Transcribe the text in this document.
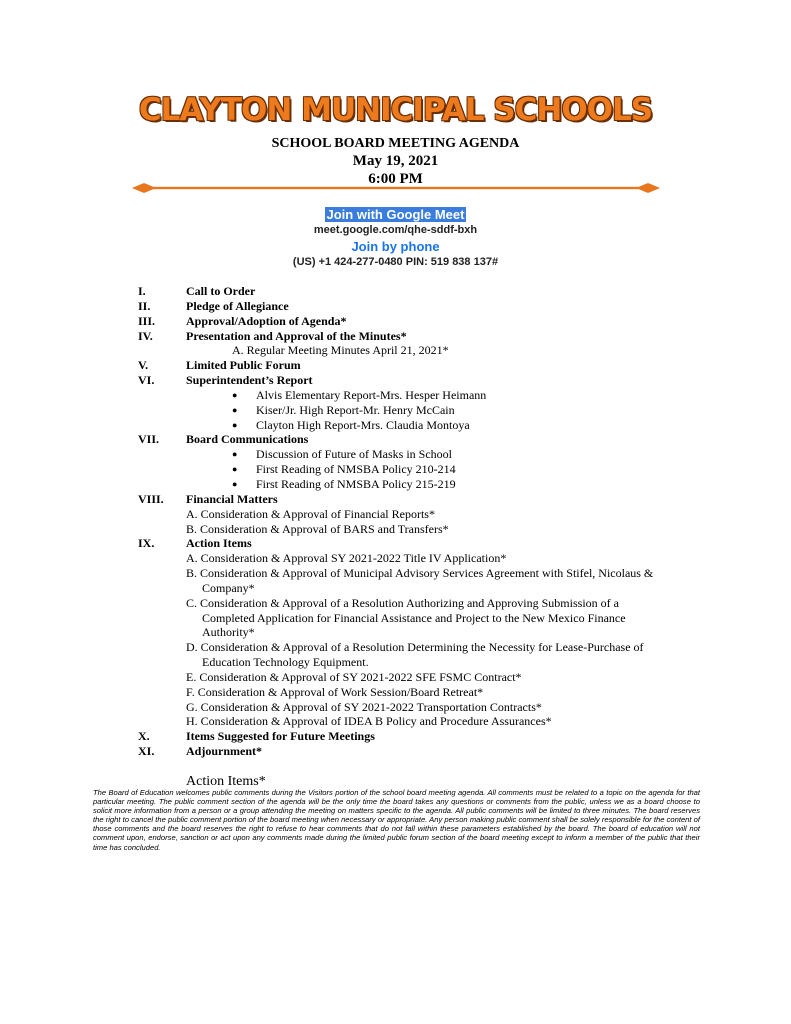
CLAYTON MUNICIPAL SCHOOLS
SCHOOL BOARD MEETING AGENDA
May 19, 2021
6:00 PM
Join with Google Meet
meet.google.com/qhe-sddf-bxh
Join by phone
(US) +1 424-277-0480 PIN: 519 838 137#
I.	Call to Order
II.	Pledge of Allegiance
III.	Approval/Adoption of Agenda*
IV.	Presentation and Approval of the Minutes*
A. Regular Meeting Minutes April 21, 2021*
V.	Limited Public Forum
VI.	Superintendent’s Report
● Alvis Elementary Report-Mrs. Hesper Heimann
● Kiser/Jr. High Report-Mr. Henry McCain
● Clayton High Report-Mrs. Claudia Montoya
VII. Board Communications
● Discussion of Future of Masks in School
● First Reading of NMSBA Policy 210-214
● First Reading of NMSBA Policy 215-219
VIII. Financial Matters
A. Consideration & Approval of Financial Reports*
B. Consideration & Approval of BARS and Transfers*
IX.	Action Items
A. Consideration & Approval SY 2021-2022 Title IV Application*
B. Consideration & Approval of Municipal Advisory Services Agreement with Stifel, Nicolaus &
Company*
C. Consideration & Approval of a Resolution Authorizing and Approving Submission of a
Completed Application for Financial Assistance and Project to the New Mexico Finance
Authority*
D. Consideration & Approval of a Resolution Determining the Necessity for Lease-Purchase of
Education Technology Equipment.
E. Consideration & Approval of SY 2021-2022 SFE FSMC Contract*
F. Consideration & Approval of Work Session/Board Retreat*
G. Consideration & Approval of SY 2021-2022 Transportation Contracts*
H. Consideration & Approval of IDEA B Policy and Procedure Assurances*
X.	Items Suggested for Future Meetings
XI.	Adjournment*
Action Items*
The Board of Education welcomes public comments during the Visitors portion of the school board meeting agenda. All comments must be related to a topic on the agenda for that particular meeting. The public comment section of the agenda will be the only time the board takes any questions or comments from the public, unless we as a board choose to solicit more information from a person or a group attending the meeting on matters specific to the agenda. All public comments will be limited to three minutes. The board reserves the right to cancel the public comment portion of the board meeting when necessary or appropriate. Any person making public comment shall be solely responsible for the content of those comments and the board reserves the right to refuse to hear comments that do not fall within these parameters established by the board. The board of education will not comment upon, endorse, sanction or act upon any comments made during the limited public forum section of the board meeting except to inform a member of the public that their time has concluded.
